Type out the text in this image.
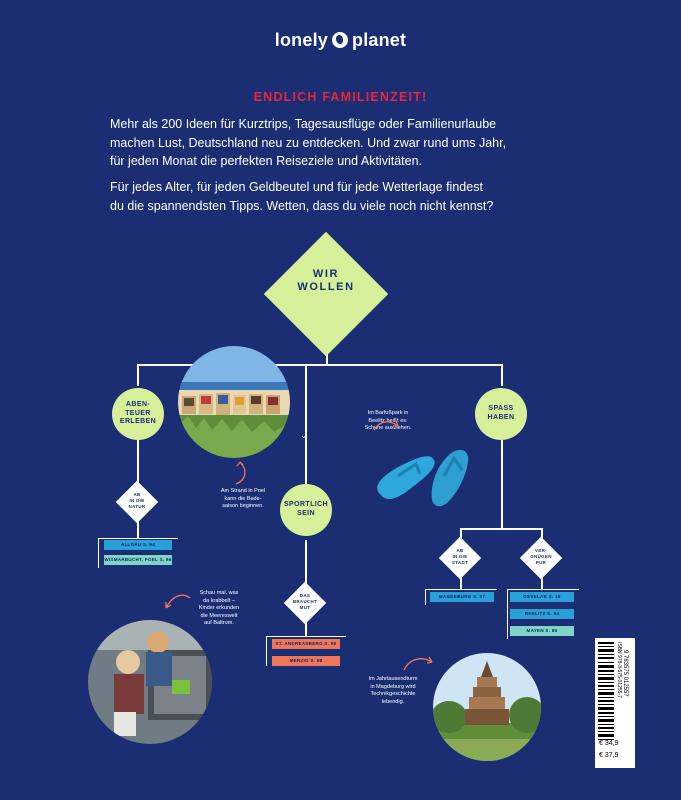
lonely planet
ENDLICH FAMILIENZEIT!
Mehr als 200 Ideen für Kurztrips, Tagesausflüge oder Familienurlaube
machen Lust, Deutschland neu zu entdecken. Und zwar rund ums Jahr,
für jeden Monat die perfekten Reiseziele und Aktivitäten.
Für jedes Alter, für jeden Geldbeutel und für jede Wetterlage findest
du die spannendsten Tipps. Wetten, dass du viele noch nicht kennst?
⌄
WIR
WOLLEN
ABEN-
TEUER
ERLEBEN
SPORTLICH
SEIN
SPASS
HABEN
AB
IN DIE
NATUR
DAS
BRAUCHT
MUT
AB
IN DIE
STADT
VER-
GNÜGEN
PUR
ALLGÄU S. 94
WISMARBUCHT, POEL S. 86
ST. ANDREASBERG S. 80
MERZIG S. 98
MAGDEBURG S. 57	GEVELAK S. 19
BEELITZ S. 94
MAYEN S. 86
Am Strand in Poel
kann die Bade-
saison beginnen.
Im Barfußpark in
Beelitz heißt es:
Schuhe ausziehen.
Schau mal, was
da krabbelt –
Kinder erkunden
die Meereswelt
auf Baltrum.
Im Jahrtausendturm
in Magdeburg wird
Technikgeschichte
lebendig.
ISBN 978-3-575-01255-7
€ 34,9
€ 37,9
9 783575 012557
